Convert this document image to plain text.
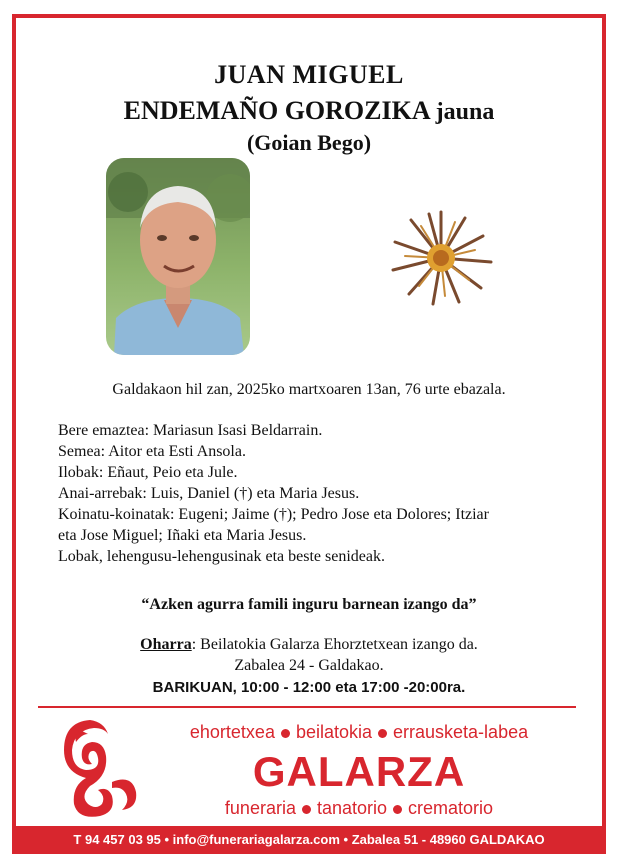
JUAN MIGUEL
ENDEMAÑO GOROZIKA jauna
(Goian Bego)
Galdakaon hil zan, 2025ko martxoaren 13an, 76 urte ebazala.
Bere emaztea: Mariasun Isasi Beldarrain.
Semea: Aitor eta Esti Ansola.
Ilobak: Eñaut, Peio eta Jule.
Anai-arrebak: Luis, Daniel (†) eta Maria Jesus.
Koinatu-koinatak: Eugeni; Jaime (†); Pedro Jose eta Dolores; Itziar
eta Jose Miguel; Iñaki eta Maria Jesus.
Lobak, lehengusu-lehengusinak eta beste senideak.
“Azken agurra famili inguru barnean izango da”
Oharra: Beilatokia Galarza Ehorztetxean izango da.
Zabalea 24 - Galdakao.
BARIKUAN, 10:00 - 12:00 eta 17:00 -20:00ra.
ehortetxea beilatokia errausketa-labea
GALARZA
funeraria tanatorio crematorio
T 94 457 03 95 • info@funerariagalarza.com • Zabalea 51 - 48960 GALDAKAO
